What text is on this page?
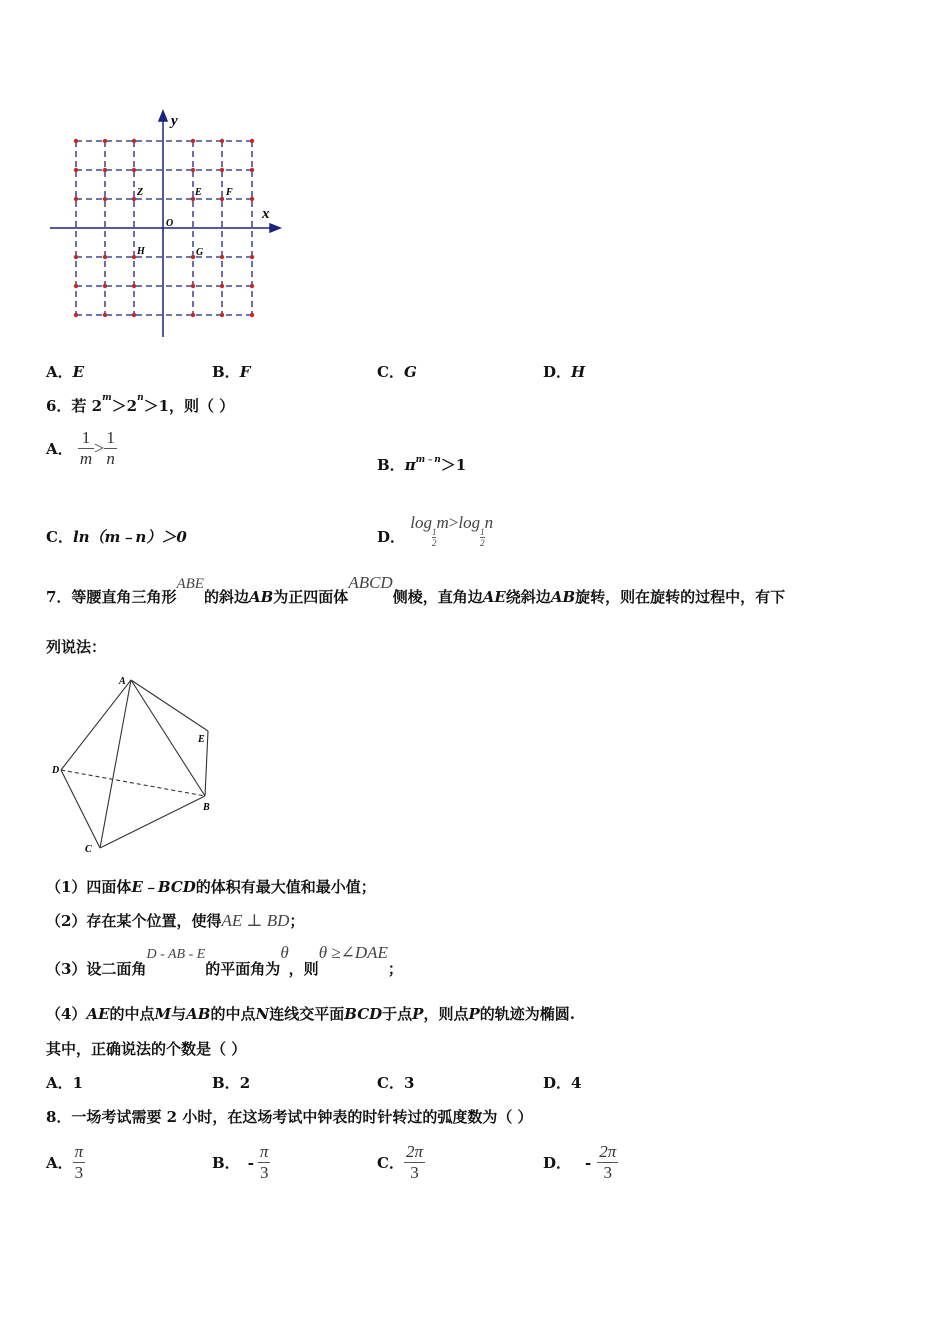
x
y
O
Z	E F
H	G
A．E	B．F	C．G	D．H
6．若 $2^m>2^n>1$，则（ ）
A． $\frac{1}{m} > \frac{1}{n}$	B．$\pi^{m﹣n}>1$
C．ln（m﹣n）＞0	D． log
$\frac{1}{2}$
m>log
$\frac{1}{2}$
n
7．等腰直角三角形ABE的斜边AB为正四面体ABCD侧棱，直角边AE绕斜边AB旋转，则在旋转的过程中，有下
列说法：
A
B
C
D
E
（1）四面体E﹣BCD的体积有最大值和最小值；
（2）存在某个位置，使得AE ⊥ BD；
（3）设二面角D - AB - E的平面角为θ，则θ ≥∠DAE；
（4）AE的中点M与AB的中点N连线交平面BCD于点P，则点P的轨迹为椭圆.
其中，正确说法的个数是（ ）
A．1	B．2	C．3	D．4
8．一场考试需要 2 小时，在这场考试中钟表的时针转过的弧度数为（ ）
A． $\frac{\pi}{3}$	B． - $\frac{\pi}{3}$	C． $\frac{2\pi}{3}$	D． - $\frac{2\pi}{3}$
